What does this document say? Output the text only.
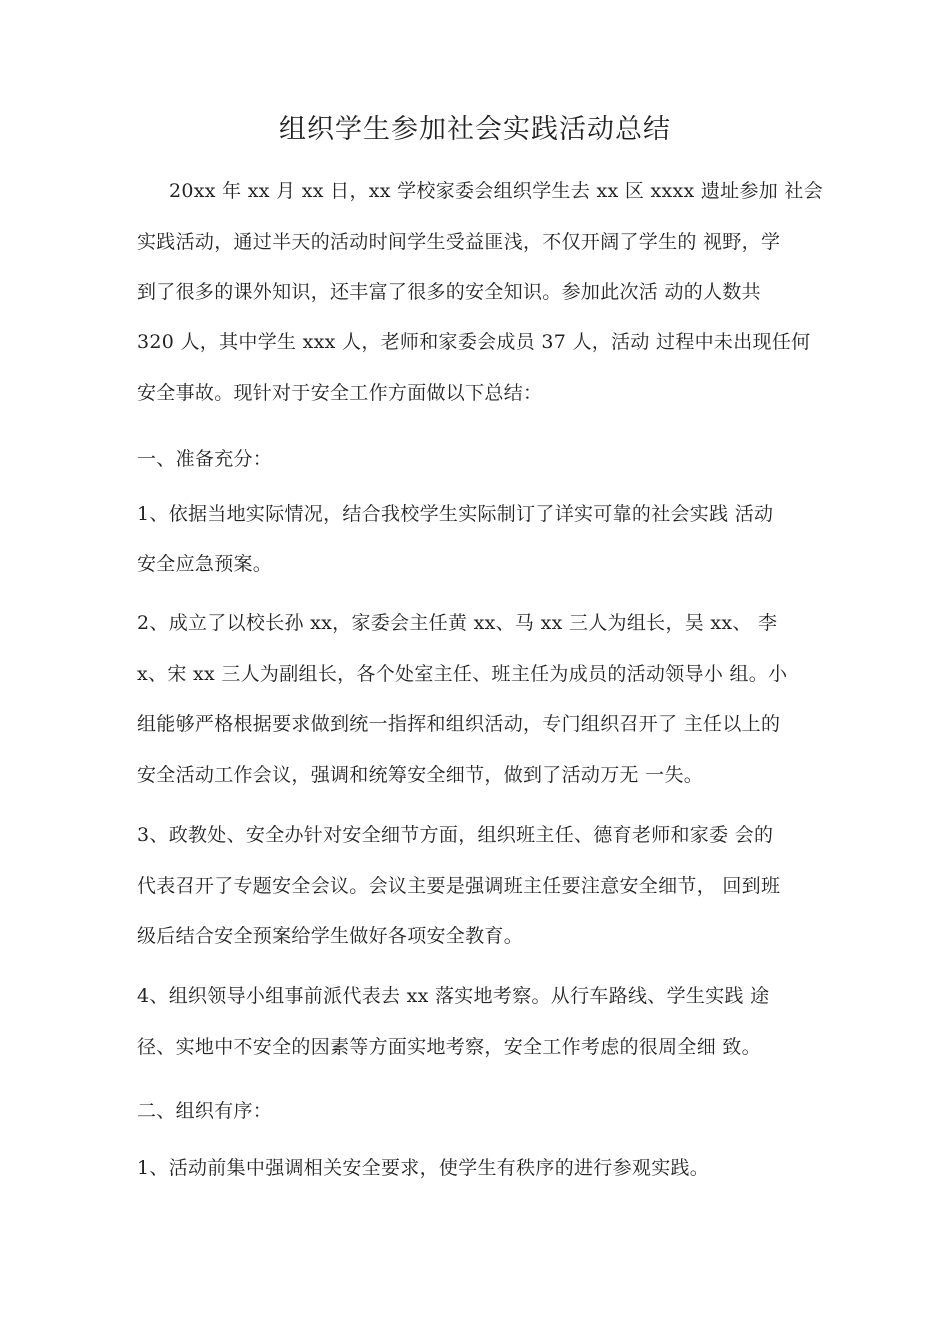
组织学生参加社会实践活动总结
20xx 年 xx 月 xx 日，xx 学校家委会组织学生去 xx 区 xxxx 遗址参加 社会
实践活动，通过半天的活动时间学生受益匪浅，不仅开阔了学生的 视野，学
到了很多的课外知识，还丰富了很多的安全知识。参加此次活 动的人数共
320 人，其中学生 xxx 人，老师和家委会成员 37 人，活动 过程中未出现任何
安全事故。现针对于安全工作方面做以下总结：
一、准备充分：
1、依据当地实际情况，结合我校学生实际制订了详实可靠的社会实践 活动
安全应急预案。
2、成立了以校长孙 xx，家委会主任黄 xx、马 xx 三人为组长，吴 xx、 李
x、宋 xx 三人为副组长，各个处室主任、班主任为成员的活动领导小 组。小
组能够严格根据要求做到统一指挥和组织活动，专门组织召开了 主任以上的
安全活动工作会议，强调和统筹安全细节，做到了活动万无 一失。
3、政教处、安全办针对安全细节方面，组织班主任、德育老师和家委 会的
代表召开了专题安全会议。会议主要是强调班主任要注意安全细节， 回到班
级后结合安全预案给学生做好各项安全教育。
4、组织领导小组事前派代表去 xx 落实地考察。从行车路线、学生实践 途
径、实地中不安全的因素等方面实地考察，安全工作考虑的很周全细 致。
二、组织有序：
1、活动前集中强调相关安全要求，使学生有秩序的进行参观实践。
